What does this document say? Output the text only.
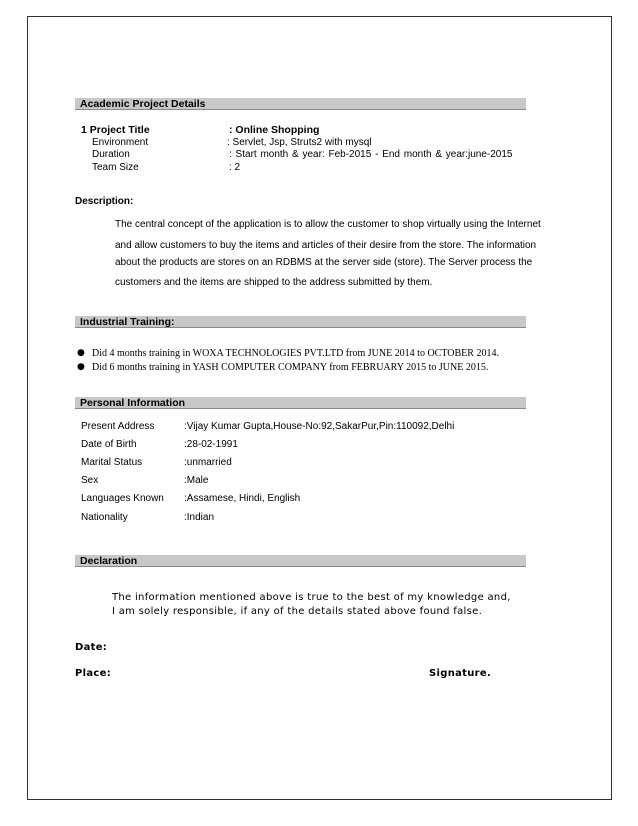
Academic Project Details
1 Project Title	: Online Shopping
Environment	: Servlet, Jsp, Struts2 with mysql
Duration	: Start month & year: Feb-2015 - End month & year:june-2015
Team Size	: 2
Description:
The central concept of the application is to allow the customer to shop virtually using the Internet
and allow customers to buy the items and articles of their desire from the store. The information
about the products are stores on an RDBMS at the server side (store). The Server process the
customers and the items are shipped to the address submitted by them.
Industrial Training:
● Did 4 months training in WOXA TECHNOLOGIES PVT.LTD from JUNE 2014 to OCTOBER 2014.
● Did 6 months training in YASH COMPUTER COMPANY from FEBRUARY 2015 to JUNE 2015.
Personal Information
Present Address	:Vijay Kumar Gupta,House-No:92,SakarPur,Pin:110092,Delhi
Date of Birth	:28-02-1991
Marital Status	:unmarried
Sex	:Male
Languages Known :Assamese, Hindi, English
Nationality	:Indian
Declaration
The information mentioned above is true to the best of my knowledge and,
I am solely responsible, if any of the details stated above found false.
Date:
Place:	Signature.
